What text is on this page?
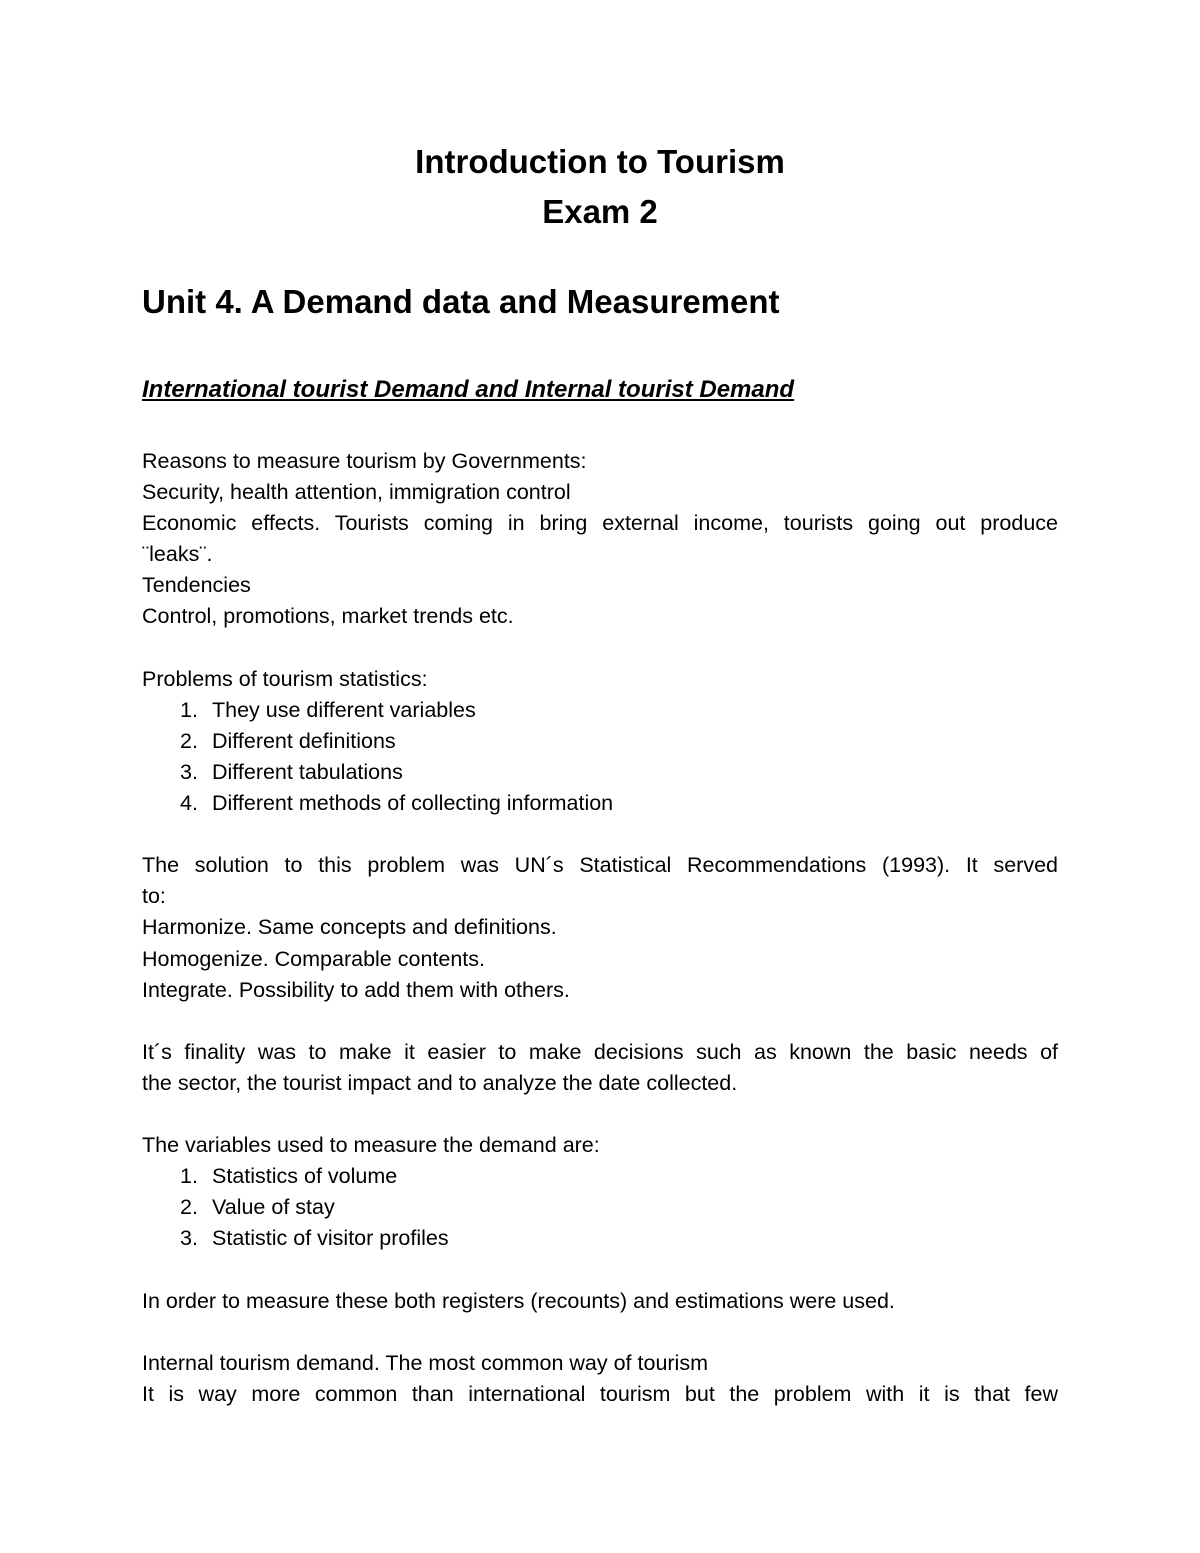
Introduction to Tourism
Exam 2
Unit 4. A Demand data and Measurement
International tourist Demand and Internal tourist Demand
Reasons to measure tourism by Governments:
Security, health attention, immigration control
Economic effects. Tourists coming in bring external income, tourists going out produce
¨leaks¨.
Tendencies
Control, promotions, market trends etc.
Problems of tourism statistics:
1 . They use different variables
2 . Different definitions
3 . Different tabulations
4 . Different methods of collecting information
The solution to this problem was UN´s Statistical Recommendations (1993). It served
to:
Harmonize. Same concepts and definitions.
Homogenize. Comparable contents.
Integrate. Possibility to add them with others.
It´s finality was to make it easier to make decisions such as known the basic needs of
the sector, the tourist impact and to analyze the date collected.
The variables used to measure the demand are:
1 . Statistics of volume
2 . Value of stay
3 . Statistic of visitor profiles
In order to measure these both registers (recounts) and estimations were used.
Internal tourism demand. The most common way of tourism
It is way more common than international tourism but the problem with it is that few
